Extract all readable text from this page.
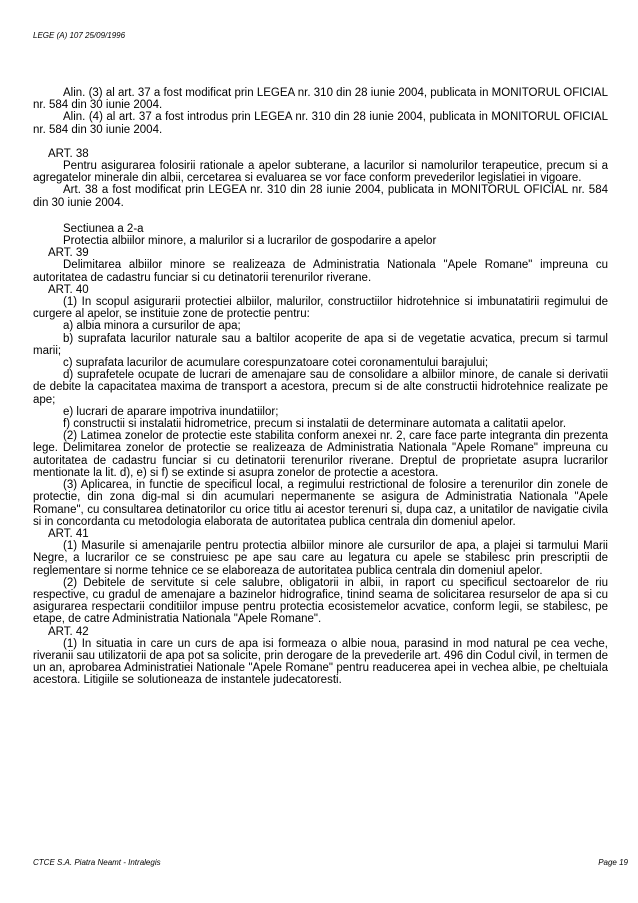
LEGE (A) 107 25/09/1996
Alin. (3) al art. 37 a fost modificat prin LEGEA nr. 310 din 28 iunie 2004, publicata in MONITORUL OFICIAL nr. 584 din 30 iunie 2004.
Alin. (4) al art. 37 a fost introdus prin LEGEA nr. 310 din 28 iunie 2004, publicata in MONITORUL OFICIAL nr. 584 din 30 iunie 2004.
ART. 38
Pentru asigurarea folosirii rationale a apelor subterane, a lacurilor si namolurilor terapeutice, precum si a agregatelor minerale din albii, cercetarea si evaluarea se vor face conform prevederilor legislatiei in vigoare.
Art. 38 a fost modificat prin LEGEA nr. 310 din 28 iunie 2004, publicata in MONITORUL OFICIAL nr. 584 din 30 iunie 2004.
Sectiunea a 2-a
Protectia albiilor minore, a malurilor si a lucrarilor de gospodarire a apelor
ART. 39
Delimitarea albiilor minore se realizeaza de Administratia Nationala "Apele Romane" impreuna cu autoritatea de cadastru funciar si cu detinatorii terenurilor riverane.
ART. 40
(1) In scopul asigurarii protectiei albiilor, malurilor, constructiilor hidrotehnice si imbunatatirii regimului de curgere al apelor, se instituie zone de protectie pentru:
a) albia minora a cursurilor de apa;
b) suprafata lacurilor naturale sau a baltilor acoperite de apa si de vegetatie acvatica, precum si tarmul marii;
c) suprafata lacurilor de acumulare corespunzatoare cotei coronamentului barajului;
d) suprafetele ocupate de lucrari de amenajare sau de consolidare a albiilor minore, de canale si derivatii de debite la capacitatea maxima de transport a acestora, precum si de alte constructii hidrotehnice realizate pe ape;
e) lucrari de aparare impotriva inundatiilor;
f) constructii si instalatii hidrometrice, precum si instalatii de determinare automata a calitatii apelor.
(2) Latimea zonelor de protectie este stabilita conform anexei nr. 2, care face parte integranta din prezenta lege. Delimitarea zonelor de protectie se realizeaza de Administratia Nationala "Apele Romane" impreuna cu autoritatea de cadastru funciar si cu detinatorii terenurilor riverane. Dreptul de proprietate asupra lucrarilor mentionate la lit. d), e) si f) se extinde si asupra zonelor de protectie a acestora.
(3) Aplicarea, in functie de specificul local, a regimului restrictional de folosire a terenurilor din zonele de protectie, din zona dig-mal si din acumulari nepermanente se asigura de Administratia Nationala "Apele Romane", cu consultarea detinatorilor cu orice titlu ai acestor terenuri si, dupa caz, a unitatilor de navigatie civila si in concordanta cu metodologia elaborata de autoritatea publica centrala din domeniul apelor.
ART. 41
(1) Masurile si amenajarile pentru protectia albiilor minore ale cursurilor de apa, a plajei si tarmului Marii Negre, a lucrarilor ce se construiesc pe ape sau care au legatura cu apele se stabilesc prin prescriptii de reglementare si norme tehnice ce se elaboreaza de autoritatea publica centrala din domeniul apelor.
(2) Debitele de servitute si cele salubre, obligatorii in albii, in raport cu specificul sectoarelor de riu respective, cu gradul de amenajare a bazinelor hidrografice, tinind seama de solicitarea resurselor de apa si cu asigurarea respectarii conditiilor impuse pentru protectia ecosistemelor acvatice, conform legii, se stabilesc, pe etape, de catre Administratia Nationala "Apele Romane".
ART. 42
(1) In situatia in care un curs de apa isi formeaza o albie noua, parasind in mod natural pe cea veche, riveranii sau utilizatorii de apa pot sa solicite, prin derogare de la prevederile art. 496 din Codul civil, in termen de un an, aprobarea Administratiei Nationale "Apele Romane" pentru readucerea apei in vechea albie, pe cheltuiala acestora. Litigiile se solutioneaza de instantele judecatoresti.
CTCE S.A. Piatra Neamt - Intralegis	Page 19
